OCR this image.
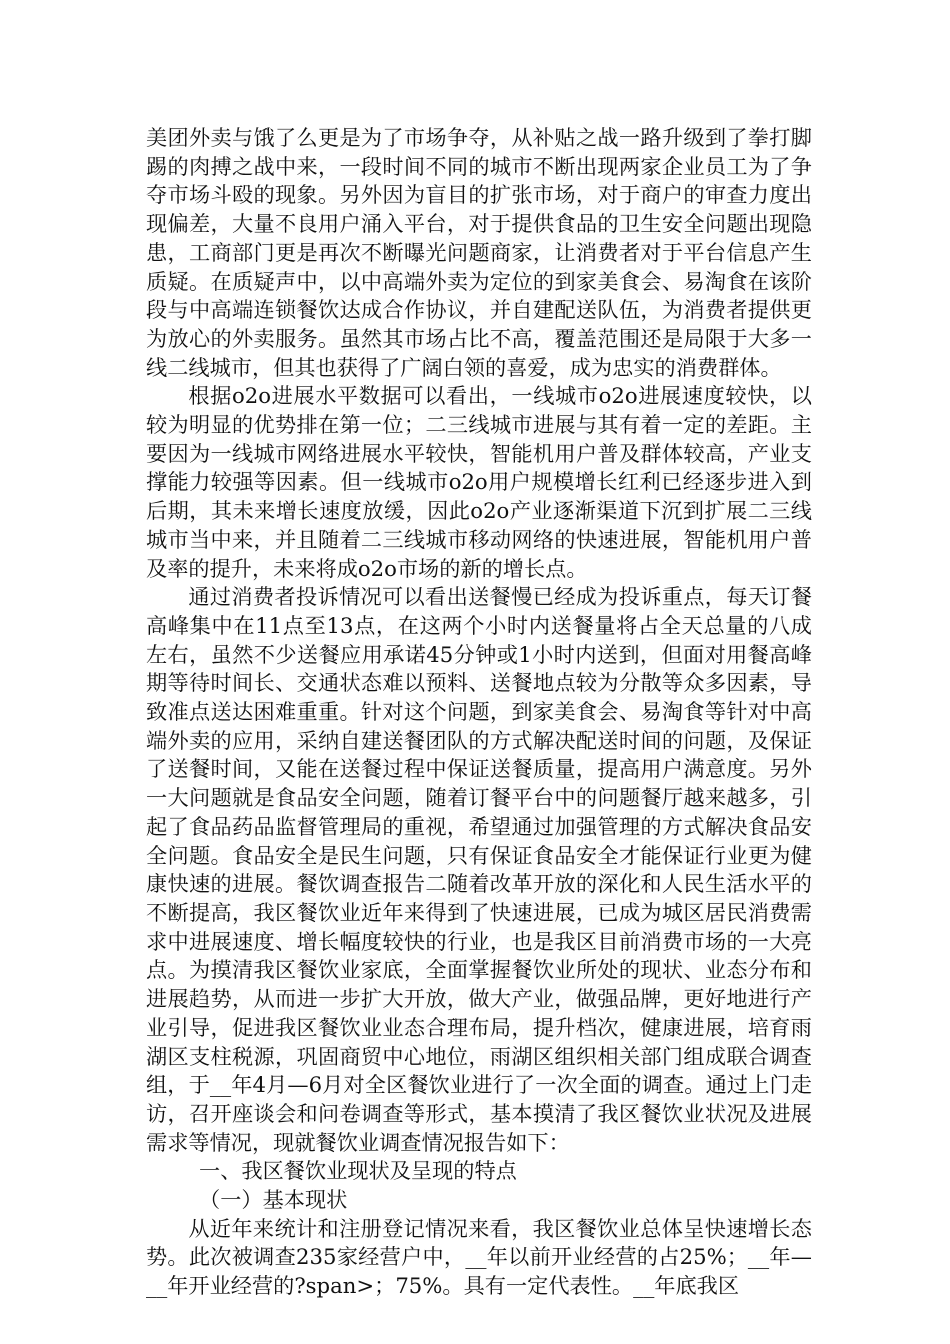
美团外卖与饿了么更是为了市场争夺，从补贴之战一路升级到了拳打脚踢的肉搏之战中来，一段时间不同的城市不断出现两家企业员工为了争夺市场斗殴的现象。另外因为盲目的扩张市场，对于商户的审查力度出现偏差，大量不良用户涌入平台，对于提供食品的卫生安全问题出现隐患，工商部门更是再次不断曝光问题商家，让消费者对于平台信息产生质疑。在质疑声中，以中高端外卖为定位的到家美食会、易淘食在该阶段与中高端连锁餐饮达成合作协议，并自建配送队伍，为消费者提供更为放心的外卖服务。虽然其市场占比不高，覆盖范围还是局限于大多一线二线城市，但其也获得了广阔白领的喜爱，成为忠实的消费群体。

根据o2o进展水平数据可以看出，一线城市o2o进展速度较快，以较为明显的优势排在第一位；二三线城市进展与其有着一定的差距。主要因为一线城市网络进展水平较快，智能机用户普及群体较高，产业支撑能力较强等因素。但一线城市o2o用户规模增长红利已经逐步进入到后期，其未来增长速度放缓，因此o2o产业逐渐渠道下沉到扩展二三线城市当中来，并且随着二三线城市移动网络的快速进展，智能机用户普及率的提升，未来将成o2o市场的新的增长点。

通过消费者投诉情况可以看出送餐慢已经成为投诉重点，每天订餐高峰集中在11点至13点，在这两个小时内送餐量将占全天总量的八成左右，虽然不少送餐应用承诺45分钟或1小时内送到，但面对用餐高峰期等待时间长、交通状态难以预料、送餐地点较为分散等众多因素，导致准点送达困难重重。针对这个问题，到家美食会、易淘食等针对中高端外卖的应用，采纳自建送餐团队的方式解决配送时间的问题，及保证了送餐时间，又能在送餐过程中保证送餐质量，提高用户满意度。另外一大问题就是食品安全问题，随着订餐平台中的问题餐厅越来越多，引起了食品药品监督管理局的重视，希望通过加强管理的方式解决食品安全问题。食品安全是民生问题，只有保证食品安全才能保证行业更为健康快速的进展。餐饮调查报告二随着改革开放的深化和人民生活水平的不断提高，我区餐饮业近年来得到了快速进展，已成为城区居民消费需求中进展速度、增长幅度较快的行业，也是我区目前消费市场的一大亮点。为摸清我区餐饮业家底，全面掌握餐饮业所处的现状、业态分布和进展趋势，从而进一步扩大开放，做大产业，做强品牌，更好地进行产业引导，促进我区餐饮业业态合理布局，提升档次，健康进展，培育雨湖区支柱税源，巩固商贸中心地位，雨湖区组织相关部门组成联合调查组，于__年4月—6月对全区餐饮业进行了一次全面的调查。通过上门走访，召开座谈会和问卷调查等形式，基本摸清了我区餐饮业状况及进展需求等情况，现就餐饮业调查情况报告如下：

一、我区餐饮业现状及呈现的特点

（一）基本现状

从近年来统计和注册登记情况来看，我区餐饮业总体呈快速增长态势。此次被调查235家经营户中，__年以前开业经营的占25%；__年—__年开业经营的?span>；75%。具有一定代表性。__年底我区
